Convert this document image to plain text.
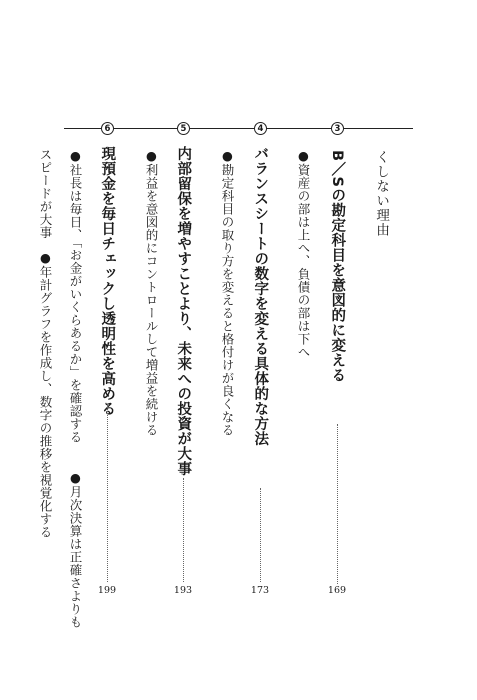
くしない理由
3
B／Sの勘定科目を意図的に変える
169
●資産の部は上へ、負債の部は下へ
4
バランスシートの数字を変える具体的な方法
173
●勘定科目の取り方を変えると格付けが良くなる
5
内部留保を増やすことより、未来への投資が大事
193
●利益を意図的にコントロールして増益を続ける
6
現預金を毎日チェックし透明性を高める
199
●社長は毎日、「お金がいくらあるか」を確認する
●月次決算は正確さよりも
スピードが大事
●年計グラフを作成し、数字の推移を視覚化する
